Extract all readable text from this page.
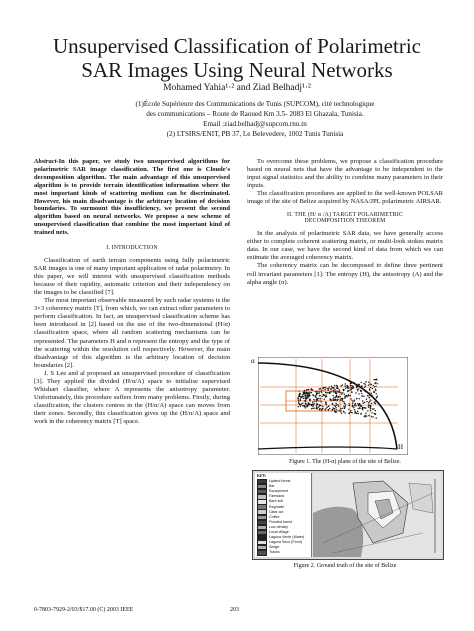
Unsupervised Classification of Polarimetric
SAR Images Using Neural Networks
Mohamed Yahia¹·² and Ziad Belhadj¹·²
(1)École Supérieure des Communications de Tunis (SUPCOM), cité technologique
des communications – Route de Raoued Km 3.5- 2083 El Ghazala, Tunisia.
Email :ziad.belhadj@supcom.rnu.tn
(2) LTSIRS/ENIT, PB 37, Le Belevedere, 1002 Tunis Tunisia
Abstract-In this paper, we study two unsupervised algorithms for polarimetric SAR image classification. The first one is Cloude's decomposition algorithm. The main advantage of this unsupervised algorithm is to provide terrain identification information where the most important kinds of scattering medium can be discriminated. However, his main disadvantage is the arbitrary location of decision boundaries. To surmount this insufficiency, we present the second algorithm based on neural networks. We propose a new scheme of unsupervised classification that combine the most important kind of trained nets.
I. INTRODUCTION

Classification of earth terrain components using fully polarimetric SAR images is one of many important application of radar polarimetry. In this paper, we will interest with unsupervised classification methods because of their rapidity, automatic criterion and their independency on the images to be classified [7].

The most important observable measured by such radar systems is the 3×3 coherency matrix [T], from which, we can extract other parameters to perform classification. In fact, an unsupervised classification scheme has been introduced in [2] based on the use of the two-dimensional (H/α) classification space, where all random scattering mechanisms can be represented. The parameters H and α represent the entropy and the type of the scattering within the resolution cell respectively. However, the main disadvantage of this algorithm is the arbitrary location of decision boundaries [2].

J. S Lee and al proposed an unsupervised procedure of classification [3]. They applied the divided (H/α/A) space to initialise supervised Whishart classifier, where A represents the anisotropy parameter. Unfortunately, this procedure suffers from many problems. Firstly, during classification, the clusters centres in the (H/α/A) space can moves from their zones. Secondly, this classification gives up the (H/α/A) space and work in the coherency matrix [T] space.

To overcome these problems, we propose a classification procedure based on neural nets that have the advantage to be independent to the input signal statistics and the ability to combine many parameters in their inputs.

The classification procedures are applied to the well-known POLSAR image of the site of Belize acquired by NASA/JPL polarimetric AIRSAR.

II. THE (H/ α /A) TARGET POLARIMETRIC
DECOMPOSITION THEOREM

In the analysis of polarimetric SAR data, we have generally access either to complete coherent scattering matrix, or multi-look stokes matrix data. In our case, we have the second kind of data from which we can estimate the averaged coherency matrix.

The coherency matrix can be decomposed to define three pertinent roll invariant parameters [1]: The entropy (H), the anisotropy (A) and the alpha angle (α).

α
H
Figure 1. The (H-α) plane of the site of Belize.
KEY:
Upland forest
Bar
Escarpment
Farmland
Bare soil
Regrowth
Clear cut
Coffee
Flooded forest
Low density
Local village
Laguna Verde (Water)
Laguna Seco (Pond)
Sedge
Tracks
Figure 2. Ground truth of the site of Belize
0-7803-7929-2/03/$17.00 (C) 2003 IEEE	203
